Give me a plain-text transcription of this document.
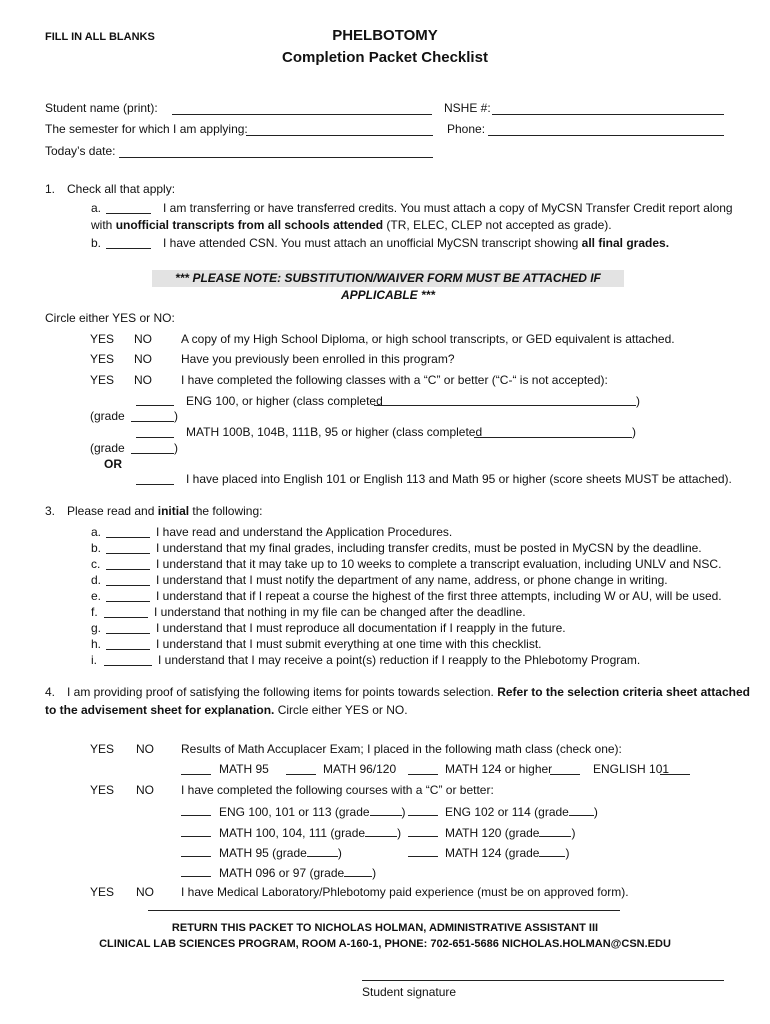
FILL IN ALL BLANKS	PHELBOTOMY
Completion Packet Checklist
Student name (print):	NSHE #:
The semester for which I am applying:	Phone:
Today’s date:
1. Check all that apply:
a.	I am transferring or have transferred credits. You must attach a copy of MyCSN Transfer Credit report along
with unofficial transcripts from all schools attended (TR, ELEC, CLEP not accepted as grade).
b.	I have attended CSN. You must attach an unofficial MyCSN transcript showing all final grades.
*** PLEASE NOTE: SUBSTITUTION/WAIVER FORM MUST BE ATTACHED IF APPLICABLE ***
Circle either YES or NO:
YES NO A copy of my High School Diploma, or high school transcripts, or GED equivalent is attached.
YES NO Have you previously been enrolled in this program?
YES NO I have completed the following classes with a “C” or better (“C-“ is not accepted):
ENG 100, or higher (class completed	)
(grade	)
MATH 100B, 104B, 111B, 95 or higher (class completed	)
(grade	)
OR
I have placed into English 101 or English 113 and Math 95 or higher (score sheets MUST be attached).
3. Please read and initial the following:
a.	I have read and understand the Application Procedures.
b.	I understand that my final grades, including transfer credits, must be posted in MyCSN by the deadline.
c.	I understand that it may take up to 10 weeks to complete a transcript evaluation, including UNLV and NSC.
d.	I understand that I must notify the department of any name, address, or phone change in writing.
e.	I understand that if I repeat a course the highest of the first three attempts, including W or AU, will be used.
f.	I understand that nothing in my file can be changed after the deadline.
g.	I understand that I must reproduce all documentation if I reapply in the future.
h.	I understand that I must submit everything at one time with this checklist.
i.	I understand that I may receive a point(s) reduction if I reapply to the Phlebotomy Program.
4. I am providing proof of satisfying the following items for points towards selection. Refer to the selection criteria sheet attached
to the advisement sheet for explanation. Circle either YES or NO.
YES NO Results of Math Accuplacer Exam; I placed in the following math class (check one):
MATH 95	MATH 96/120	MATH 124 or higher	ENGLISH 101
YES NO I have completed the following courses with a “C” or better:
ENG 100, 101 or 113 (grade	)	ENG 102 or 114 (grade )
MATH 100, 104, 111 (grade	)	MATH 120 (grade	)
MATH 95 (grade	)	MATH 124 (grade )
MATH 096 or 97 (grade )
YES NO I have Medical Laboratory/Phlebotomy paid experience (must be on approved form).
RETURN THIS PACKET TO NICHOLAS HOLMAN, ADMINISTRATIVE ASSISTANT III
CLINICAL LAB SCIENCES PROGRAM, ROOM A-160-1, PHONE: 702-651-5686 NICHOLAS.HOLMAN@CSN.EDU
Student signature
